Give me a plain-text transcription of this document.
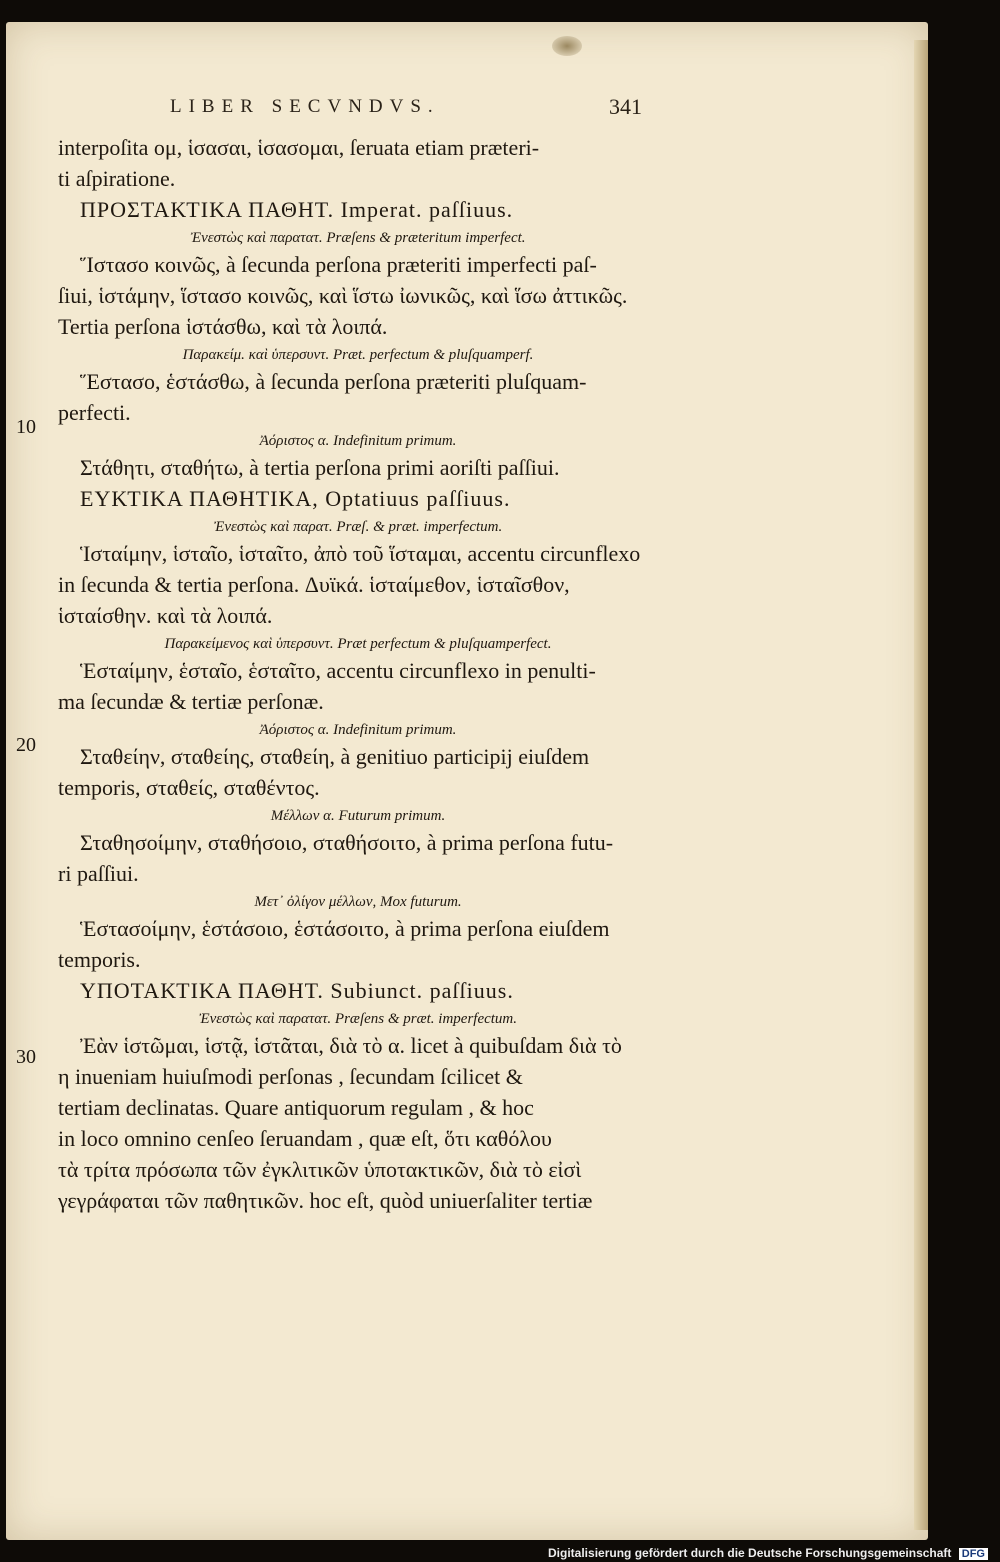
LIBER SECVNDVS.	341
10
20
30
interpoſita ομ, ἱσασαι, ἱσασομαι, ſeruata etiam præteri-
ti aſpiratione.
ΠΡΟΣΤΑΚΤΙΚΑ ΠΑΘΗΤ. Imperat. paſſiuus.
Ἐνεστὼς καὶ παρατατ. Præſens & præteritum imperfect.
Ἵστασο κοινῶς, à ſecunda perſona præteriti imperfecti paſ-
ſiui, ἱστάμην, ἵστασο κοινῶς, καὶ ἵστω ἰωνικῶς, καὶ ἵσω ἀττικῶς.
Tertia perſona ἱστάσθω, καὶ τὰ λοιπά.
Παρακείμ. καὶ ὑπερσυντ. Præt. perfectum & pluſquamperf.
Ἕστασο, ἑστάσθω, à ſecunda perſona præteriti pluſquam-
perfecti.
Ἀόριστος α. Indefinitum primum.
Στάθητι, σταθήτω, à tertia perſona primi aoriſti paſſiui.
ΕΥΚΤΙΚΑ ΠΑΘΗΤΙΚΑ, Optatiuus paſſiuus.
Ἐνεστὼς καὶ παρατ. Præſ. & præt. imperfectum.
Ἱσταίμην, ἱσταῖο, ἱσταῖτο, ἀπὸ τοῦ ἵσταμαι, accentu circunflexo
in ſecunda & tertia perſona. Δυϊκά. ἱσταίμεθον, ἱσταῖσθον,
ἱσταίσθην. καὶ τὰ λοιπά.
Παρακείμενος καὶ ὑπερσυντ. Præt perfectum & pluſquamperfect.
Ἑσταίμην, ἑσταῖο, ἑσταῖτο, accentu circunflexo in penulti-
ma ſecundæ & tertiæ perſonæ.
Ἀόριστος α. Indefinitum primum.
Σταθείην, σταθείης, σταθείη, à genitiuo participij eiuſdem
temporis, σταθείς, σταθέντος.
Μέλλων α. Futurum primum.
Σταθησοίμην, σταθήσοιο, σταθήσοιτο, à prima perſona futu-
ri paſſiui.
Μετ᾽ ὀλίγον μέλλων, Mox futurum.
Ἑστασοίμην, ἑστάσοιο, ἑστάσοιτο, à prima perſona eiuſdem
temporis.
ΥΠΟΤΑΚΤΙΚΑ ΠΑΘΗΤ. Subiunct. paſſiuus.
Ἐνεστὼς καὶ παρατατ. Præſens & præt. imperfectum.
Ἐὰν ἱστῶμαι, ἱστᾷ, ἱστᾶται, διὰ τὸ α. licet à quibuſdam διὰ τὸ
η inueniam huiuſmodi perſonas , ſecundam ſcilicet &
tertiam declinatas. Quare antiquorum regulam , & hoc
in loco omnino cenſeo ſeruandam , quæ eſt, ὅτι καθόλου
τὰ τρίτα πρόσωπα τῶν ἐγκλιτικῶν ὑποτακτικῶν, διὰ τὸ εἰσὶ
γεγράφαται τῶν παθητικῶν. hoc eſt, quòd uniuerſaliter tertiæ
Digitalisierung gefördert durch die Deutsche Forschungsgemeinschaft DFG
